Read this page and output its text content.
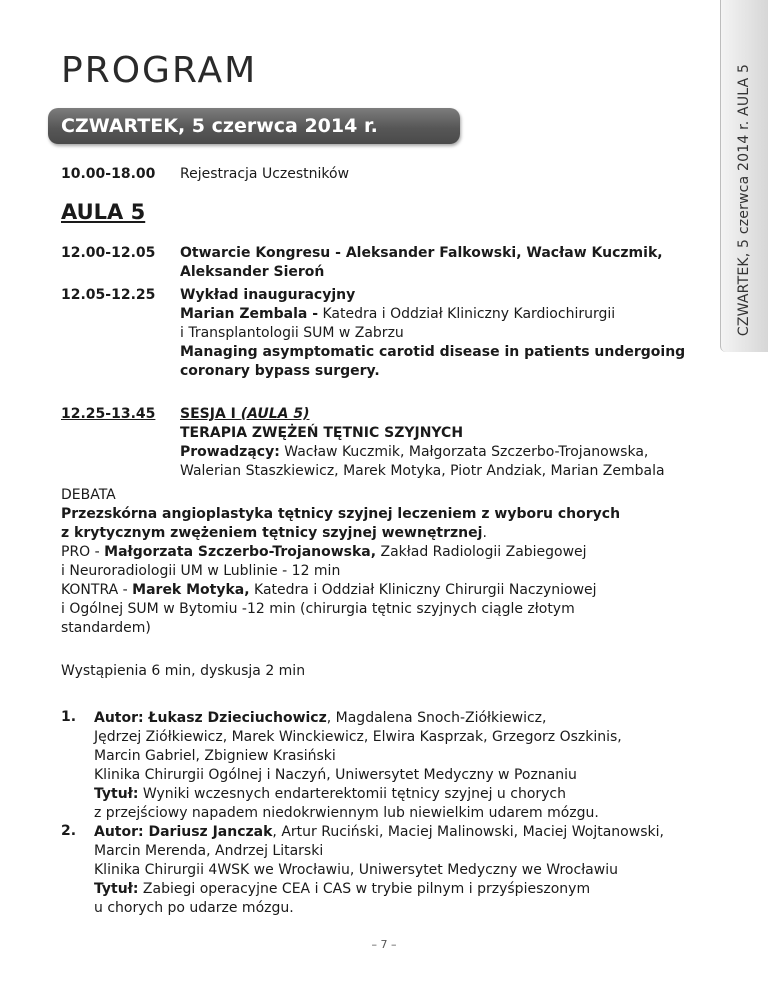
CZWARTEK, 5 czerwca 2014 r. AULA 5
PROGRAM
CZWARTEK, 5 czerwca 2014 r.
10.00-18.00	Rejestracja Uczestników
AULA 5
12.00-12.05	Otwarcie Kongresu - Aleksander Falkowski, Wacław Kuczmik,
Aleksander Sieroń
12.05-12.25	Wykład inauguracyjny
Marian Zembala - Katedra i Oddział Kliniczny Kardiochirurgii
i Transplantologii SUM w Zabrzu
Managing asymptomatic carotid disease in patients undergoing
coronary bypass surgery.
12.25-13.45	SESJA I (AULA 5)
TERAPIA ZWĘŻEŃ TĘTNIC SZYJNYCH
Prowadzący: Wacław Kuczmik, Małgorzata Szczerbo-Trojanowska,
Walerian Staszkiewicz, Marek Motyka, Piotr Andziak, Marian Zembala
DEBATA
Przezskórna angioplastyka tętnicy szyjnej leczeniem z wyboru chorych
z krytycznym zwężeniem tętnicy szyjnej wewnętrznej.
PRO - Małgorzata Szczerbo-Trojanowska, Zakład Radiologii Zabiegowej
i Neuroradiologii UM w Lublinie - 12 min
KONTRA - Marek Motyka, Katedra i Oddział Kliniczny Chirurgii Naczyniowej
i Ogólnej SUM w Bytomiu -12 min (chirurgia tętnic szyjnych ciągle złotym
standardem)
Wystąpienia 6 min, dyskusja 2 min
1. Autor: Łukasz Dzieciuchowicz, Magdalena Snoch-Ziółkiewicz,
Jędrzej Ziółkiewicz, Marek Winckiewicz, Elwira Kasprzak, Grzegorz Oszkinis,
Marcin Gabriel, Zbigniew Krasiński
Klinika Chirurgii Ogólnej i Naczyń, Uniwersytet Medyczny w Poznaniu
Tytuł: Wyniki wczesnych endarterektomii tętnicy szyjnej u chorych
z przejściowy napadem niedokrwiennym lub niewielkim udarem mózgu.
2. Autor: Dariusz Janczak, Artur Ruciński, Maciej Malinowski, Maciej Wojtanowski,
Marcin Merenda, Andrzej Litarski
Klinika Chirurgii 4WSK we Wrocławiu, Uniwersytet Medyczny we Wrocławiu
Tytuł: Zabiegi operacyjne CEA i CAS w trybie pilnym i przyśpieszonym
u chorych po udarze mózgu.
– 7 –
